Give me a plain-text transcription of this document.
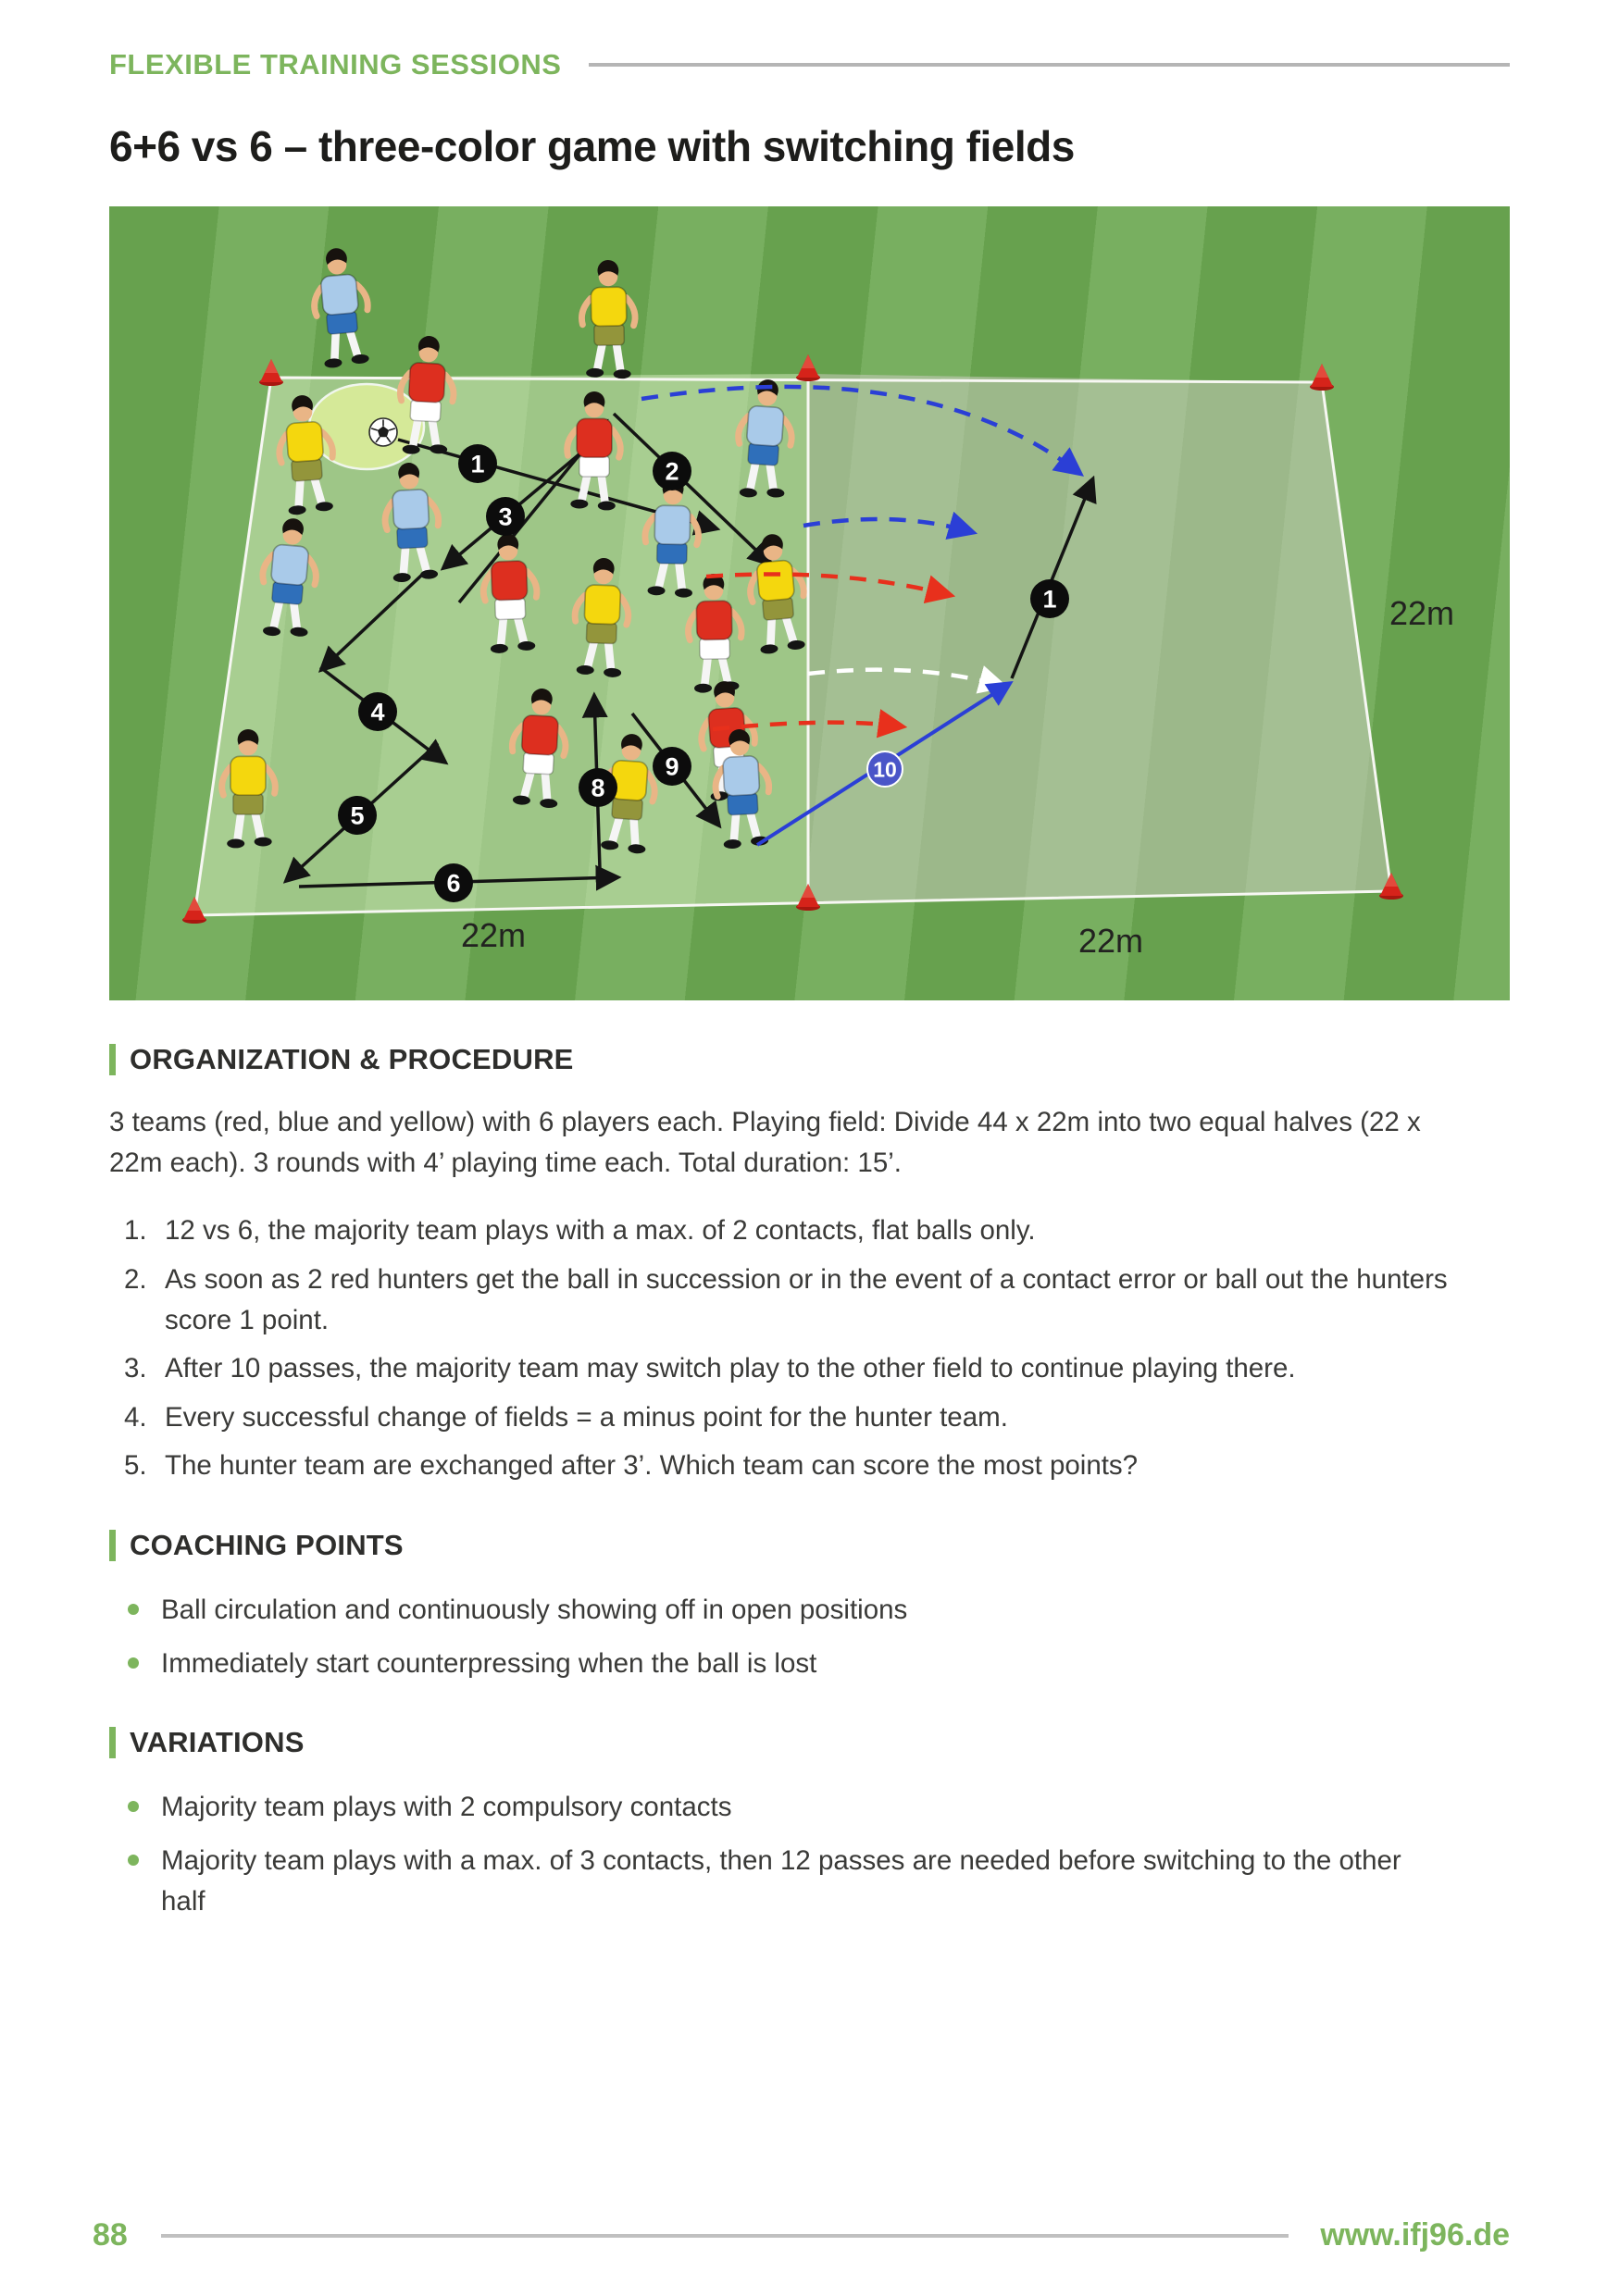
FLEXIBLE TRAINING SESSIONS
6+6 vs 6 – three-color game with switching fields
1	2
3
4
5
6
8
9
1
10
22m	22m
22m
ORGANIZATION & PROCEDURE

3 teams (red, blue and yellow) with 6 players each. Playing field: Divide 44 x 22m into two equal halves (22 x 22m each). 3 rounds with 4’ playing time each. Total duration: 15’.

1. 12 vs 6, the majority team plays with a max. of 2 contacts, flat balls only.
2. As soon as 2 red hunters get the ball in succession or in the event of a contact error or ball out the hunters score 1 point.
3. After 10 passes, the majority team may switch play to the other field to continue playing there.
4. Every successful change of fields = a minus point for the hunter team.
5. The hunter team are exchanged after 3’. Which team can score the most points?
COACHING POINTS
Ball circulation and continuously showing off in open positions
Immediately start counterpressing when the ball is lost
VARIATIONS
Majority team plays with 2 compulsory contacts
Majority team plays with a max. of 3 contacts, then 12 passes are needed before switching to the other half
88	www.ifj96.de
